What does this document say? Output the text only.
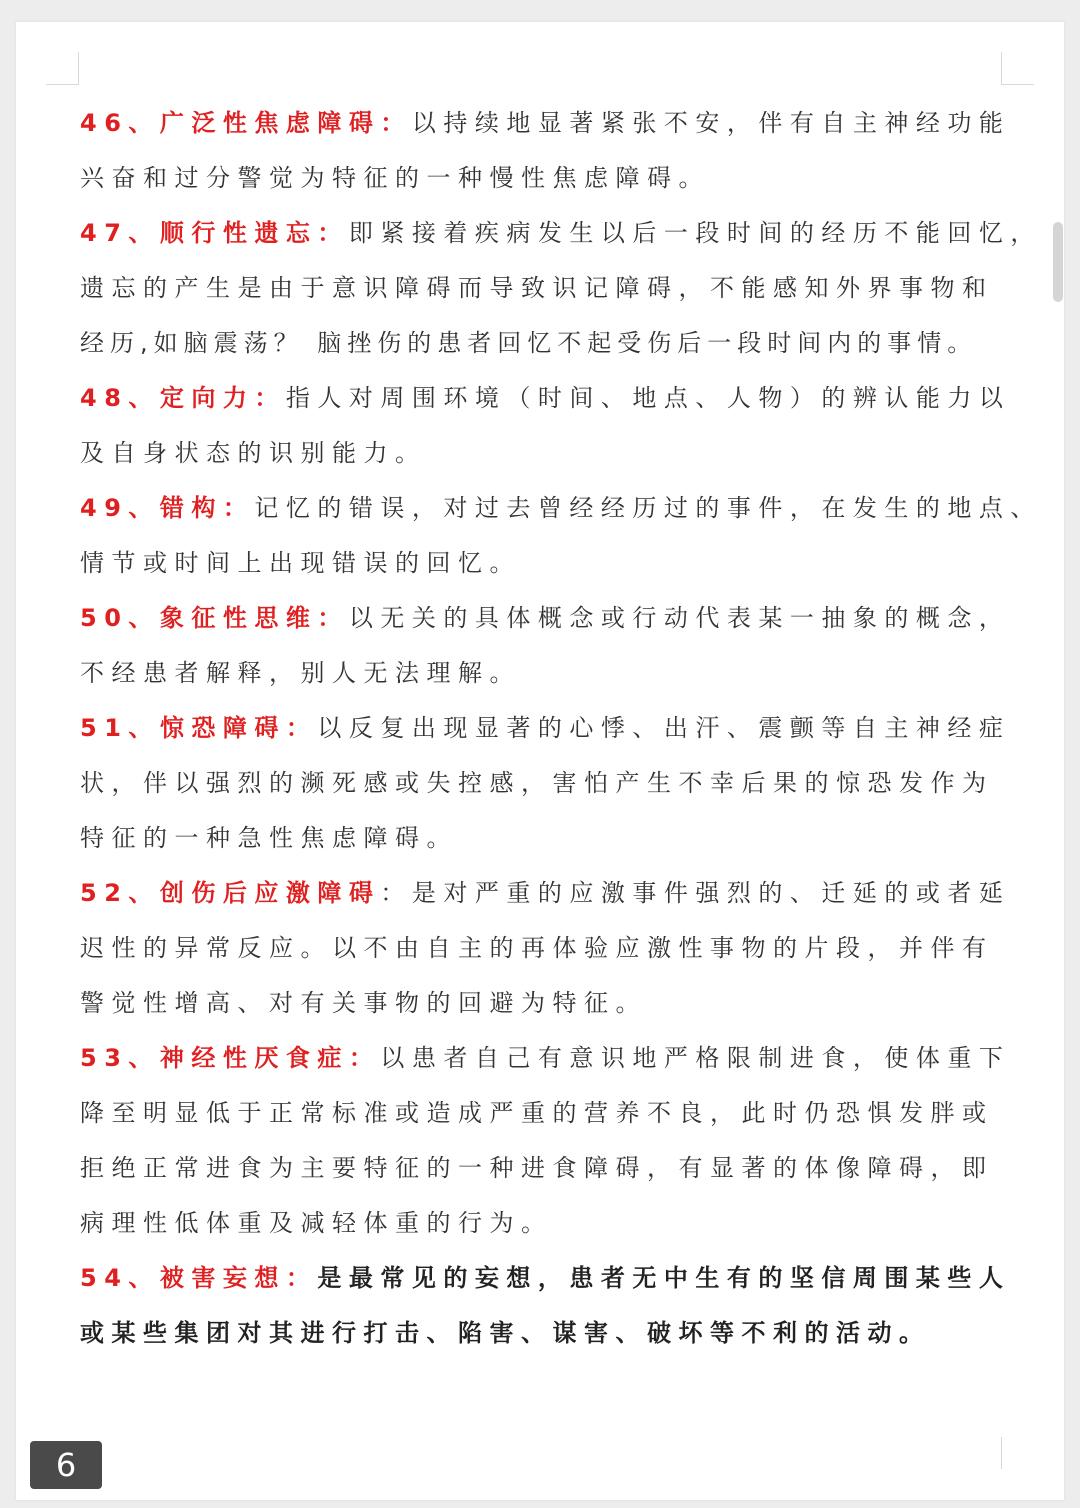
46、广泛性焦虑障碍：以持续地显著紧张不安，伴有自主神经功能

兴奋和过分警觉为特征的一种慢性焦虑障碍。

47、顺行性遗忘：即紧接着疾病发生以后一段时间的经历不能回忆，

遗忘的产生是由于意识障碍而导致识记障碍，不能感知外界事物和

经历,如脑震荡？ 脑挫伤的患者回忆不起受伤后一段时间内的事情。

48、定向力：指人对周围环境（时间、地点、人物）的辨认能力以

及自身状态的识别能力。

49、错构：记忆的错误，对过去曾经经历过的事件，在发生的地点、

情节或时间上出现错误的回忆。

50、象征性思维：以无关的具体概念或行动代表某一抽象的概念，

不经患者解释，别人无法理解。

51、惊恐障碍：以反复出现显著的心悸、出汗、震颤等自主神经症

状，伴以强烈的濒死感或失控感，害怕产生不幸后果的惊恐发作为

特征的一种急性焦虑障碍。

52、创伤后应激障碍：是对严重的应激事件强烈的、迁延的或者延

迟性的异常反应。以不由自主的再体验应激性事物的片段，并伴有

警觉性增高、对有关事物的回避为特征。

53、神经性厌食症：以患者自己有意识地严格限制进食，使体重下

降至明显低于正常标准或造成严重的营养不良，此时仍恐惧发胖或

拒绝正常进食为主要特征的一种进食障碍，有显著的体像障碍，即

病理性低体重及减轻体重的行为。

54、被害妄想：是最常见的妄想，患者无中生有的坚信周围某些人

或某些集团对其进行打击、陷害、谋害、破坏等不利的活动。

6
